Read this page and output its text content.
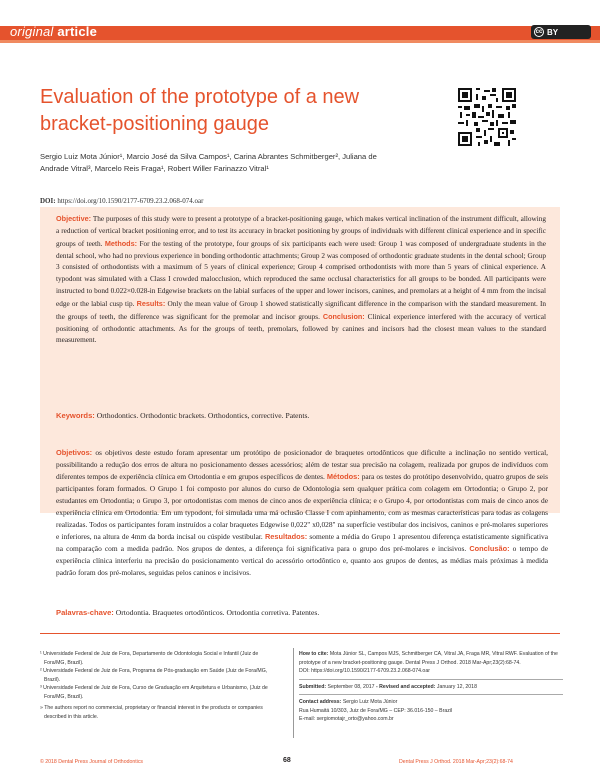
original article	cc BY
Evaluation of the prototype of a new bracket-positioning gauge
Sergio Luiz Mota Júnior¹, Marcio José da Silva Campos¹, Carina Abrantes Schmitberger², Juliana de Andrade Vitral³, Marcelo Reis Fraga¹, Robert Willer Farinazzo Vitral¹
DOI: https://doi.org/10.1590/2177-6709.23.2.068-074.oar
Objective: The purposes of this study were to present a prototype of a bracket-positioning gauge, which makes vertical inclination of the instrument difficult, allowing a reduction of vertical bracket positioning error, and to test its accuracy in bracket positioning by groups of individuals with different clinical experience and in specific groups of teeth. Methods: For the testing of the prototype, four groups of six participants each were used: Group 1 was composed of undergraduate students in the dental school, who had no previous experience in bonding orthodontic attachments; Group 2 was composed of orthodontic graduate students in the dental school; Group 3 consisted of orthodontists with a maximum of 5 years of clinical experience; Group 4 comprised orthodontists with more than 5 years of clinical experience. A typodont was simulated with a Class I crowded malocclusion, which reproduced the same occlusal characteristics for all groups to be bonded. All participants were instructed to bond 0.022×0.028-in Edgewise brackets on the labial surfaces of the upper and lower incisors, canines, and premolars at a height of 4 mm from the incisal edge or the labial cusp tip. Results: Only the mean value of Group 1 showed statistically significant difference in the comparison with the standard measurement. In the groups of teeth, the difference was significant for the premolar and incisor groups. Conclusion: Clinical experience interfered with the accuracy of vertical positioning of orthodontic attachments. As for the groups of teeth, premolars, followed by canines and incisors had the closest mean values to the standard measurement.
Keywords: Orthodontics. Orthodontic brackets. Orthodontics, corrective. Patents.
Objetivos: os objetivos deste estudo foram apresentar um protótipo de posicionador de braquetes ortodônticos que dificulte a inclinação no sentido vertical, possibilitando a redução dos erros de altura no posicionamento desses acessórios; além de testar sua precisão na colagem, realizada por grupos de indivíduos com diferentes tempos de experiência clínica em Ortodontia e em grupos específicos de dentes. Métodos: para os testes do protótipo desenvolvido, quatro grupos de seis participantes foram formados. O Grupo 1 foi composto por alunos do curso de Odontologia sem qualquer prática com colagem em Ortodontia; o Grupo 2, por estudantes em Ortodontia; o Grupo 3, por ortodontistas com menos de cinco anos de experiência clínica; e o Grupo 4, por ortodontistas com mais de cinco anos de experiência clínica em Ortodontia. Em um typodont, foi simulada uma má oclusão Classe I com apinhamento, com as mesmas características para todas as colagens realizadas. Todos os participantes foram instruídos a colar braquetes Edgewise 0,022" x0,028" na superfície vestibular dos incisivos, caninos e pré-molares superiores e inferiores, na altura de 4mm da borda incisal ou cúspide vestibular. Resultados: somente a média do Grupo 1 apresentou diferença estatisticamente significativa na comparação com a medida padrão. Nos grupos de dentes, a diferença foi significativa para o grupo dos pré-molares e incisivos. Conclusão: o tempo de experiência clínica interferiu na precisão do posicionamento vertical do acessório ortodôntico e, quanto aos grupos de dentes, as médias mais próximas à medida padrão foram dos pré-molares, seguidas pelos caninos e incisivos.
Palavras-chave: Ortodontia. Braquetes ortodônticos. Ortodontia corretiva. Patentes.

¹ Universidade Federal de Juiz de Fora, Departamento de Odontologia Social e Infantil (Juiz de Fora/MG, Brazil).

² Universidade Federal de Juiz de Fora, Programa de Pós-graduação em Saúde (Juiz de Fora/MG, Brazil).

³ Universidade Federal de Juiz de Fora, Curso de Graduação em Arquitetura e Urbanismo, (Juiz de Fora/MG, Brazil).

» The authors report no commercial, proprietary or financial interest in the products or companies described in this article.

How to cite: Mota Júnior SL, Campos MJS, Schmitberger CA, Vitral JA, Fraga MR, Vitral RWF. Evaluation of the prototype of a new bracket-positioning gauge. Dental Press J Orthod. 2018 Mar-Apr;23(2):68-74.

DOI: https://doi.org/10.1590/2177-6709.23.2.068-074.oar

Submitted: September 08, 2017 - Revised and accepted: January 12, 2018

Contact address: Sergio Luiz Mota Júnior

Rua Humaitá 10/303, Juiz de Fora/MG – CEP: 36.016-150 – Brazil

E-mail: sergiomotajr_orto@yahoo.com.br

© 2018 Dental Press Journal of Orthodontics	68	Dental Press J Orthod. 2018 Mar-Apr;23(2):68-74
